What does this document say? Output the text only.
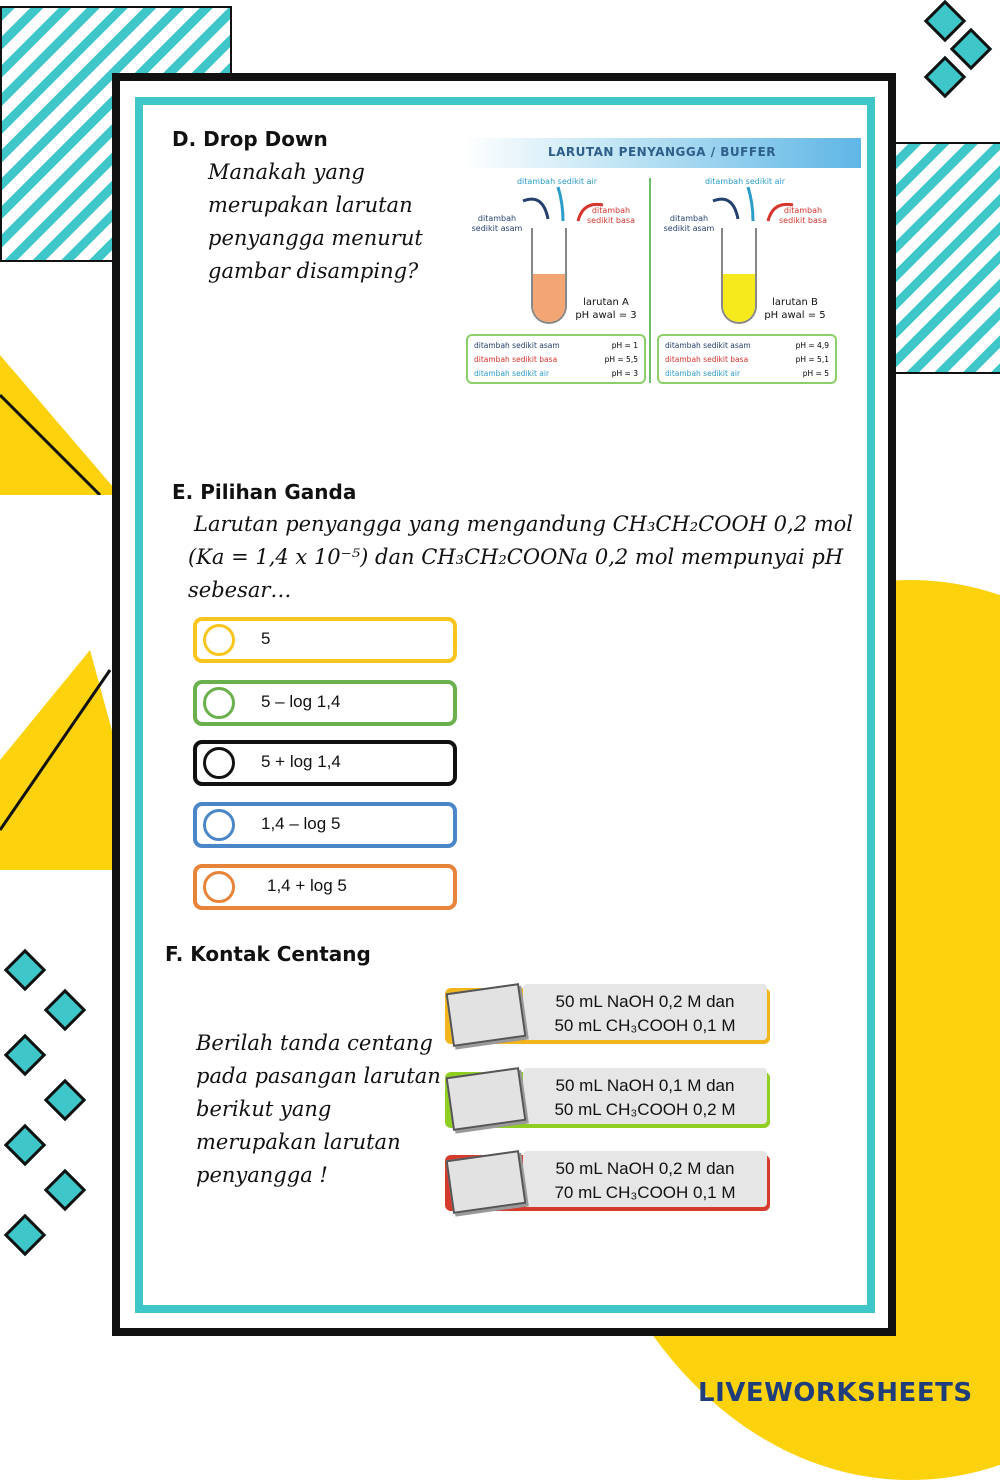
D. Drop Down
Manakah yang
merupakan larutan
penyangga menurut
gambar disamping?
LARUTAN PENYANGGA / BUFFER
ditambah sedikit air
ditambah sedikit asam
ditambah sedikit basa
larutan A
pH awal = 3
ditambah sedikit asam	pH = 1
ditambah sedikit basa	pH = 5,5
ditambah sedikit air	pH = 3
ditambah sedikit air
ditambah sedikit asam
ditambah sedikit basa
larutan B
pH awal = 5
ditambah sedikit asam	pH = 4,9
ditambah sedikit basa	pH = 5,1
ditambah sedikit air	pH = 5
E. Pilihan Ganda
Larutan penyangga yang mengandung CH₃CH₂COOH 0,2 mol
(Ka = 1,4 x 10⁻⁵) dan CH₃CH₂COONa 0,2 mol mempunyai pH
sebesar…
5
5 – log 1,4
5 + log 1,4
1,4 – log 5
1,4 + log 5
F. Kontak Centang
Berilah tanda centang
pada pasangan larutan
berikut yang
merupakan larutan
penyangga !
50 mL NaOH 0,2 M dan
50 mL CH₃COOH 0,1 M
50 mL NaOH 0,1 M dan
50 mL CH₃COOH 0,2 M
50 mL NaOH 0,2 M dan
70 mL CH₃COOH 0,1 M
LIVEWORKSHEETS
